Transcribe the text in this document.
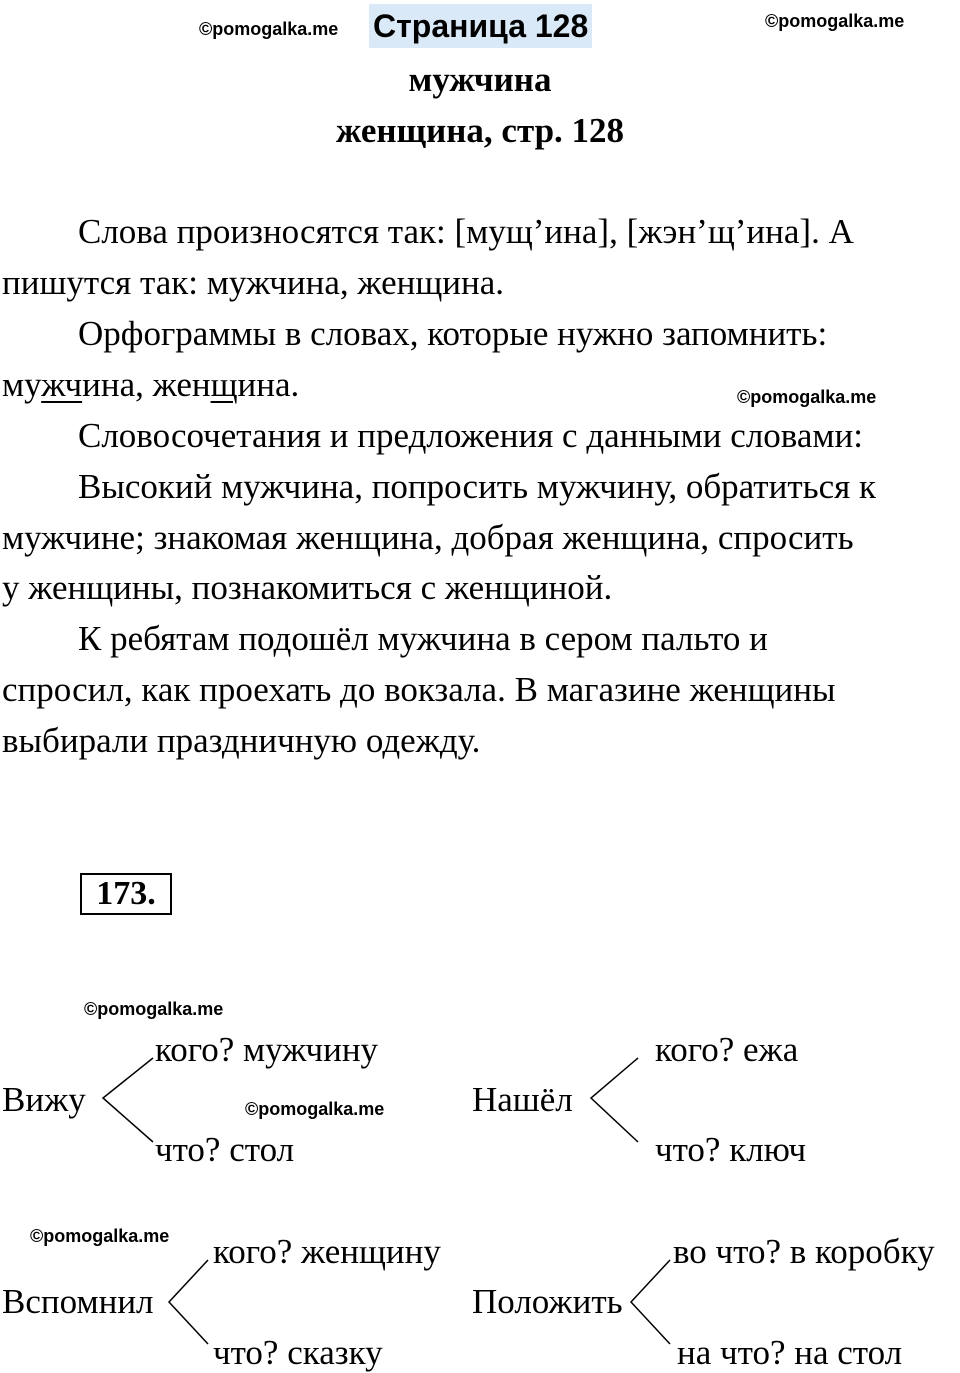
©pomogalka.me Страница 128	©pomogalka.me
мужчина
женщина, стр. 128
Слова произносятся так: [мущ’ина], [жэн’щ’ина]. А
пишутся так: мужчина, женщина.
Орфограммы в словах, которые нужно запомнить:
мужчина, женщина.	©pomogalka.me
Словосочетания и предложения с данными словами:
Высокий мужчина, попросить мужчину, обратиться к
мужчине; знакомая женщина, добрая женщина, спросить
у женщины, познакомиться с женщиной.
К ребятам подошёл мужчина в сером пальто и
спросил, как проехать до вокзала. В магазине женщины
выбирали праздничную одежду.
173.
©pomogalka.me
©pomogalka.me
©pomogalka.me
Вижу
кого? мужчину
что? стол
Нашёл
кого? ежа
что? ключ
Вспомнил
кого? женщину
что? сказку
Положить
во что? в коробку
на что? на стол
